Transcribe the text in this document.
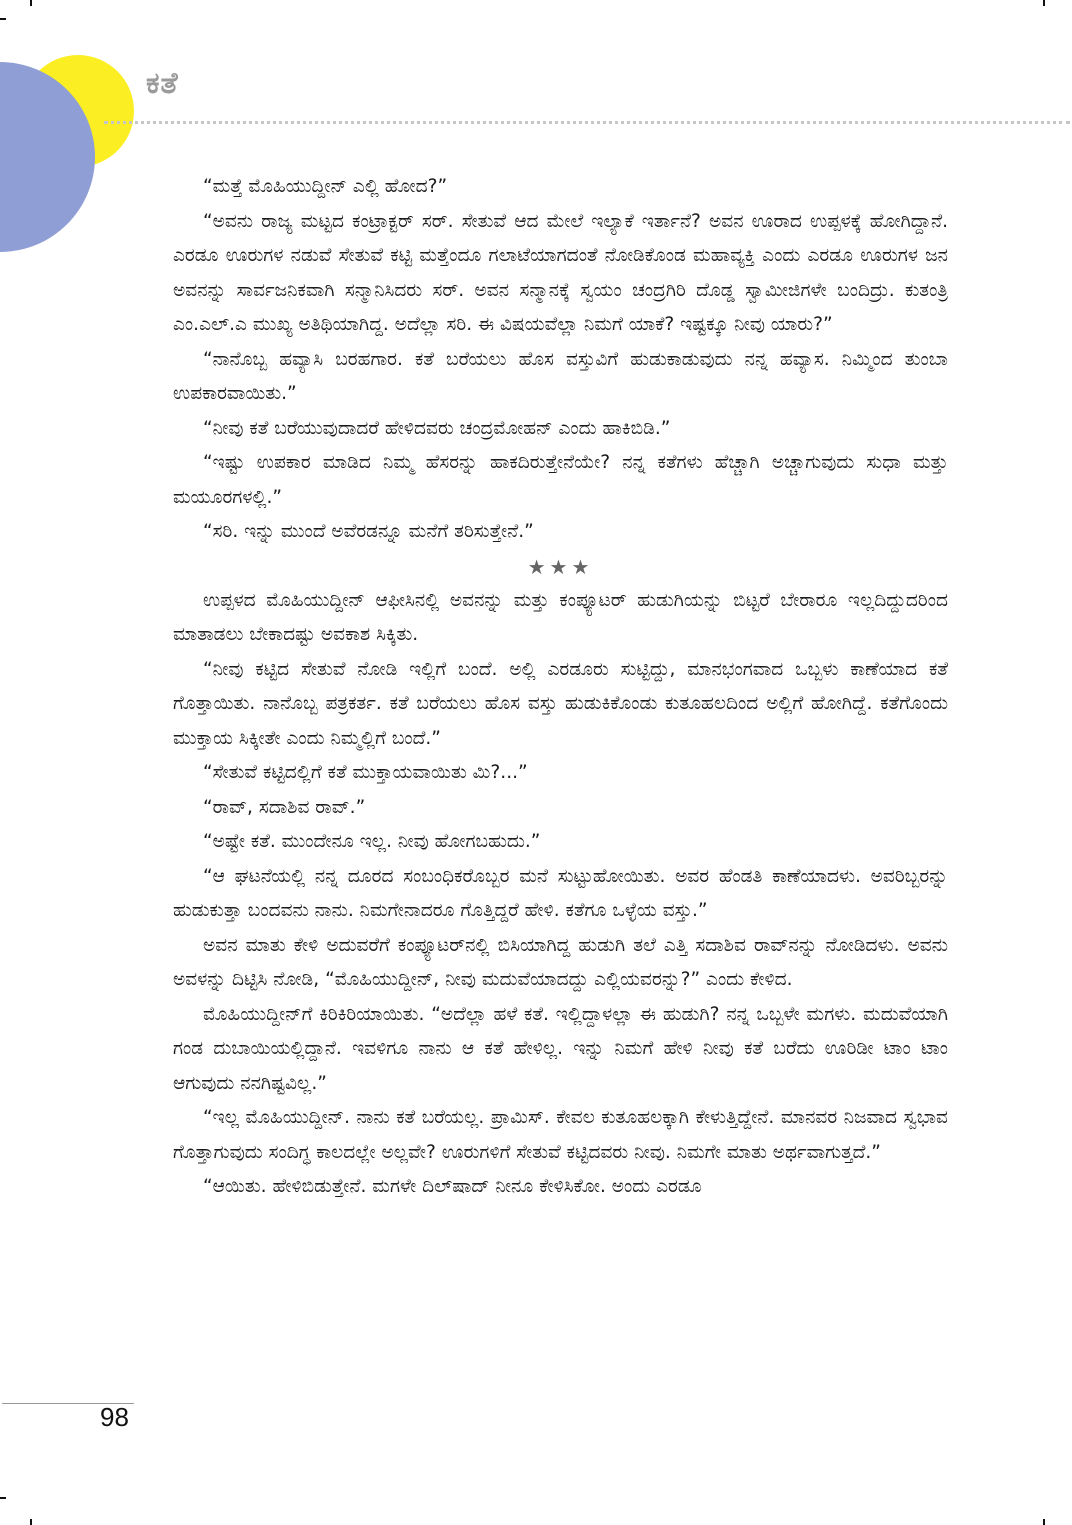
ಕತೆ

“ಮತ್ತೆ ಮೊಹಿಯುದ್ದೀನ್ ಎಲ್ಲಿ ಹೋದ?”

“ಅವನು ರಾಜ್ಯ ಮಟ್ಟದ ಕಂಟ್ರಾಕ್ಟರ್ ಸರ್. ಸೇತುವೆ ಆದ ಮೇಲೆ ಇಲ್ಯಾಕೆ ಇರ್ತಾನೆ? ಅವನ ಊರಾದ ಉಪ್ಪಳಕ್ಕೆ ಹೋಗಿದ್ದಾನೆ. ಎರಡೂ ಊರುಗಳ ನಡುವೆ ಸೇತುವೆ ಕಟ್ಟಿ ಮತ್ತೆಂದೂ ಗಲಾಟೆಯಾಗದಂತೆ ನೋಡಿಕೊಂಡ ಮಹಾವ್ಯಕ್ತಿ ಎಂದು ಎರಡೂ ಊರುಗಳ ಜನ ಅವನನ್ನು ಸಾರ್ವಜನಿಕವಾಗಿ ಸನ್ಮಾನಿಸಿದರು ಸರ್. ಅವನ ಸನ್ಮಾನಕ್ಕೆ ಸ್ವಯಂ ಚಂದ್ರಗಿರಿ ದೊಡ್ಡ ಸ್ವಾಮೀಜಿಗಳೇ ಬಂದಿದ್ರು. ಕುತಂತ್ರಿ ಎಂ.ಎಲ್.ಎ ಮುಖ್ಯ ಅತಿಥಿಯಾಗಿದ್ದ. ಅದೆಲ್ಲಾ ಸರಿ. ಈ ವಿಷಯವೆಲ್ಲಾ ನಿಮಗೆ ಯಾಕೆ? ಇಷ್ಟಕ್ಕೂ ನೀವು ಯಾರು?”

“ನಾನೊಬ್ಬ ಹವ್ಯಾಸಿ ಬರಹಗಾರ. ಕತೆ ಬರೆಯಲು ಹೊಸ ವಸ್ತುವಿಗೆ ಹುಡುಕಾಡುವುದು ನನ್ನ ಹವ್ಯಾಸ. ನಿಮ್ಮಿಂದ ತುಂಬಾ ಉಪಕಾರವಾಯಿತು.”

“ನೀವು ಕತೆ ಬರೆಯುವುದಾದರೆ ಹೇಳಿದವರು ಚಂದ್ರಮೋಹನ್ ಎಂದು ಹಾಕಿಬಿಡಿ.”

“ಇಷ್ಟು ಉಪಕಾರ ಮಾಡಿದ ನಿಮ್ಮ ಹೆಸರನ್ನು ಹಾಕದಿರುತ್ತೇನೆಯೇ? ನನ್ನ ಕತೆಗಳು ಹೆಚ್ಚಾಗಿ ಅಚ್ಚಾಗುವುದು ಸುಧಾ ಮತ್ತು ಮಯೂರಗಳಲ್ಲಿ.”

“ಸರಿ. ಇನ್ನು ಮುಂದೆ ಅವೆರಡನ್ನೂ ಮನೆಗೆ ತರಿಸುತ್ತೇನೆ.”

★★★

ಉಪ್ಪಳದ ಮೊಹಿಯುದ್ದೀನ್ ಆಫೀಸಿನಲ್ಲಿ ಅವನನ್ನು ಮತ್ತು ಕಂಪ್ಯೂಟರ್ ಹುಡುಗಿಯನ್ನು ಬಿಟ್ಟರೆ ಬೇರಾರೂ ಇಲ್ಲದಿದ್ದುದರಿಂದ ಮಾತಾಡಲು ಬೇಕಾದಷ್ಟು ಅವಕಾಶ ಸಿಕ್ಕಿತು.

“ನೀವು ಕಟ್ಟಿದ ಸೇತುವೆ ನೋಡಿ ಇಲ್ಲಿಗೆ ಬಂದೆ. ಅಲ್ಲಿ ಎರಡೂರು ಸುಟ್ಟಿದ್ದು, ಮಾನಭಂಗವಾದ ಒಬ್ಬಳು ಕಾಣೆಯಾದ ಕತೆ ಗೊತ್ತಾಯಿತು. ನಾನೊಬ್ಬ ಪತ್ರಕರ್ತ. ಕತೆ ಬರೆಯಲು ಹೊಸ ವಸ್ತು ಹುಡುಕಿಕೊಂಡು ಕುತೂಹಲದಿಂದ ಅಲ್ಲಿಗೆ ಹೋಗಿದ್ದೆ. ಕತೆಗೊಂದು ಮುಕ್ತಾಯ ಸಿಕ್ಕೀತೇ ಎಂದು ನಿಮ್ಮಲ್ಲಿಗೆ ಬಂದೆ.”

“ಸೇತುವೆ ಕಟ್ಟಿದಲ್ಲಿಗೆ ಕತೆ ಮುಕ್ತಾಯವಾಯಿತು ಮಿ?...”

“ರಾವ್, ಸದಾಶಿವ ರಾವ್.”

“ಅಷ್ಟೇ ಕತೆ. ಮುಂದೇನೂ ಇಲ್ಲ. ನೀವು ಹೋಗಬಹುದು.”

“ಆ ಘಟನೆಯಲ್ಲಿ ನನ್ನ ದೂರದ ಸಂಬಂಧಿಕರೊಬ್ಬರ ಮನೆ ಸುಟ್ಟುಹೋಯಿತು. ಅವರ ಹೆಂಡತಿ ಕಾಣೆಯಾದಳು. ಅವರಿಬ್ಬರನ್ನು ಹುಡುಕುತ್ತಾ ಬಂದವನು ನಾನು. ನಿಮಗೇನಾದರೂ ಗೊತ್ತಿದ್ದರೆ ಹೇಳಿ. ಕತೆಗೂ ಒಳ್ಳೆಯ ವಸ್ತು.”

ಅವನ ಮಾತು ಕೇಳಿ ಅದುವರೆಗೆ ಕಂಪ್ಯೂಟರ್‌ನಲ್ಲಿ ಬಿಸಿಯಾಗಿದ್ದ ಹುಡುಗಿ ತಲೆ ಎತ್ತಿ ಸದಾಶಿವ ರಾವ್‌ನನ್ನು ನೋಡಿದಳು. ಅವನು ಅವಳನ್ನು ದಿಟ್ಟಿಸಿ ನೋಡಿ, “ಮೊಹಿಯುದ್ದೀನ್, ನೀವು ಮದುವೆಯಾದದ್ದು ಎಲ್ಲಿಯವರನ್ನು?” ಎಂದು ಕೇಳಿದ.

ಮೊಹಿಯುದ್ದೀನ್‌ಗೆ ಕಿರಿಕಿರಿಯಾಯಿತು. “ಅದೆಲ್ಲಾ ಹಳೆ ಕತೆ. ಇಲ್ಲಿದ್ದಾಳಲ್ಲಾ ಈ ಹುಡುಗಿ? ನನ್ನ ಒಬ್ಬಳೇ ಮಗಳು. ಮದುವೆಯಾಗಿ ಗಂಡ ದುಬಾಯಿಯಲ್ಲಿದ್ದಾನೆ. ಇವಳಿಗೂ ನಾನು ಆ ಕತೆ ಹೇಳಿಲ್ಲ. ಇನ್ನು ನಿಮಗೆ ಹೇಳಿ ನೀವು ಕತೆ ಬರೆದು ಊರಿಡೀ ಟಾಂ ಟಾಂ ಆಗುವುದು ನನಗಿಷ್ಟವಿಲ್ಲ.”

“ಇಲ್ಲ ಮೊಹಿಯುದ್ದೀನ್. ನಾನು ಕತೆ ಬರೆಯಲ್ಲ. ಪ್ರಾಮಿಸ್. ಕೇವಲ ಕುತೂಹಲಕ್ಕಾಗಿ ಕೇಳುತ್ತಿದ್ದೇನೆ. ಮಾನವರ ನಿಜವಾದ ಸ್ವಭಾವ ಗೊತ್ತಾಗುವುದು ಸಂದಿಗ್ಧ ಕಾಲದಲ್ಲೇ ಅಲ್ಲವೇ? ಊರುಗಳಿಗೆ ಸೇತುವೆ ಕಟ್ಟಿದವರು ನೀವು. ನಿಮಗೇ ಮಾತು ಅರ್ಥವಾಗುತ್ತದೆ.”

“ಆಯಿತು. ಹೇಳಿಬಿಡುತ್ತೇನೆ. ಮಗಳೇ ದಿಲ್‌ಷಾದ್ ನೀನೂ ಕೇಳಿಸಿಕೋ. ಅಂದು ಎರಡೂ

98
